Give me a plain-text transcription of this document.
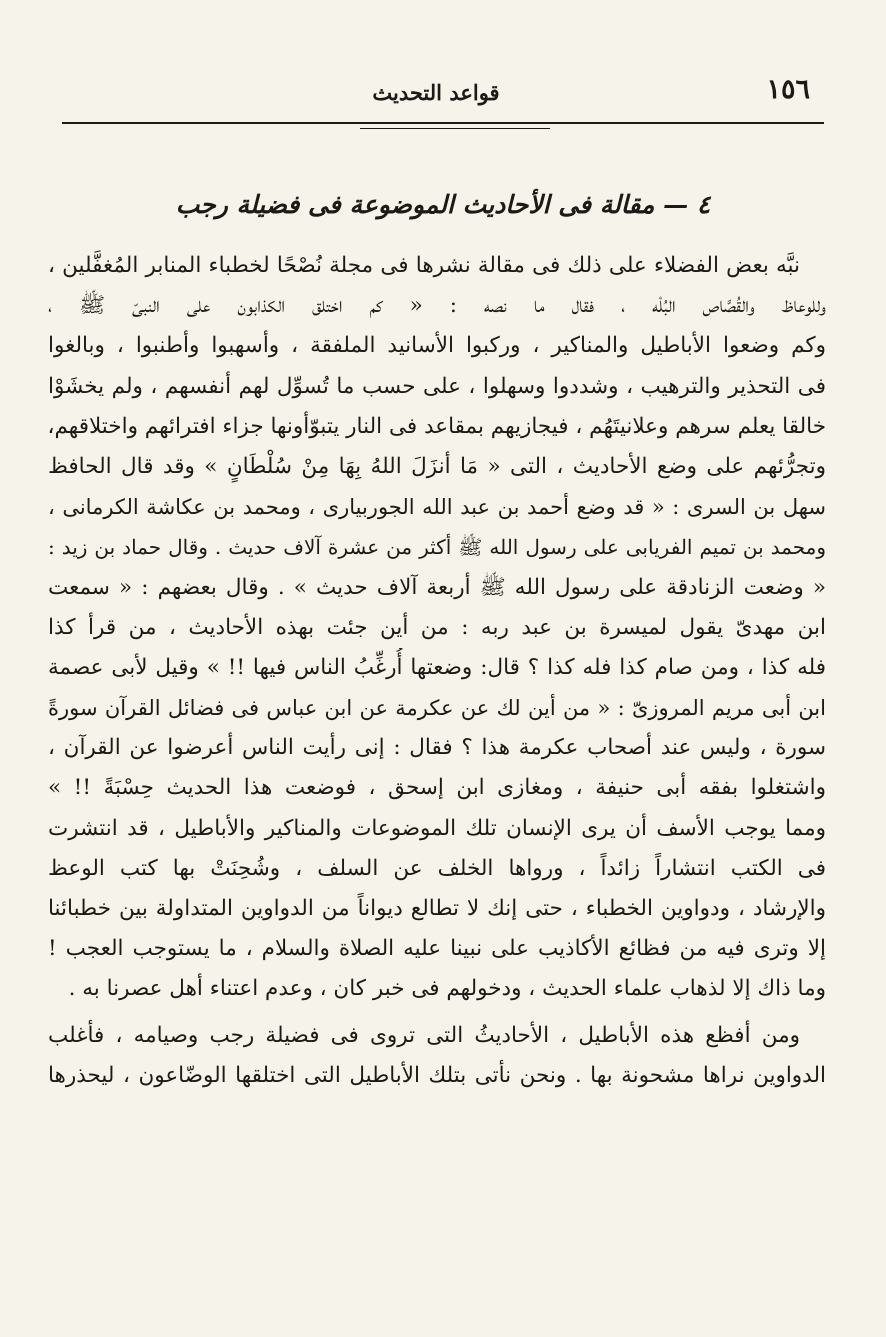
١٥٦
قواعد التحديث
٤ — مقالة فى الأحاديث الموضوعة فى فضيلة رجب
نبَّه بعض الفضلاء على ذلك فى مقالة نشرها فى مجلة نُصْحًا لخطباء المنابر المُغفَّلين ،
وللوعاظ والقُصَّاص البُلْه ، فقال ما نصه : « كم اختلق الكذابون على النبىّ ﷺ ،
وكم وضعوا الأباطيل والمناكير ، وركبوا الأسانيد الملفقة ، وأسهبوا وأطنبوا ، وبالغوا
فى التحذير والترهيب ، وشددوا وسهلوا ، على حسب ما تُسوِّل لهم أنفسهم ، ولم يخشَوْا
خالقا يعلم سرهم وعلانيتَهُم ، فيجازيهم بمقاعد فى النار يتبوّأونها جزاء افترائهم واختلاقهم،
وتجرُّئهم على وضع الأحاديث ، التى « مَا أنزَلَ اللهُ بِهَا مِنْ سُلْطَانٍ » وقد قال الحافظ
سهل بن السرى : « قد وضع أحمد بن عبد الله الجوربيارى ، ومحمد بن عكاشة الكرمانى ،
ومحمد بن تميم الفريابى على رسول الله ﷺ أكثر من عشرة آلاف حديث . وقال حماد بن زيد :
« وضعت الزنادقة على رسول الله ﷺ أربعة آلاف حديث » . وقال بعضهم : « سمعت
ابن مهدىّ يقول لميسرة بن عبد ربه : من أين جئت بهذه الأحاديث ، من قرأ كذا
فله كذا ، ومن صام كذا فله كذا ؟ قال: وضعتها أُرغِّبُ الناس فيها !! » وقيل لأبى عصمة
ابن أبى مريم المروزىّ : « من أين لك عن عكرمة عن ابن عباس فى فضائل القرآن سورةً
سورة ، وليس عند أصحاب عكرمة هذا ؟ فقال : إنى رأيت الناس أعرضوا عن القرآن ،
واشتغلوا بفقه أبى حنيفة ، ومغازى ابن إسحق ، فوضعت هذا الحديث حِسْبَةً !! »
ومما يوجب الأسف أن يرى الإنسان تلك الموضوعات والمناكير والأباطيل ، قد انتشرت
فى الكتب انتشاراً زائداً ، ورواها الخلف عن السلف ، وشُحِنَتْ بها كتب الوعظ
والإرشاد ، ودواوين الخطباء ، حتى إنك لا تطالع ديواناً من الدواوين المتداولة بين خطبائنا
إلا وترى فيه من فظائع الأكاذيب على نبينا عليه الصلاة والسلام ، ما يستوجب العجب !
وما ذاك إلا لذهاب علماء الحديث ، ودخولهم فى خبر كان ، وعدم اعتناء أهل عصرنا به .
ومن أفظع هذه الأباطيل ، الأحاديثُ التى تروى فى فضيلة رجب وصيامه ، فأغلب
الدواوين نراها مشحونة بها . ونحن نأتى بتلك الأباطيل التى اختلقها الوضّاعون ، ليحذرها
